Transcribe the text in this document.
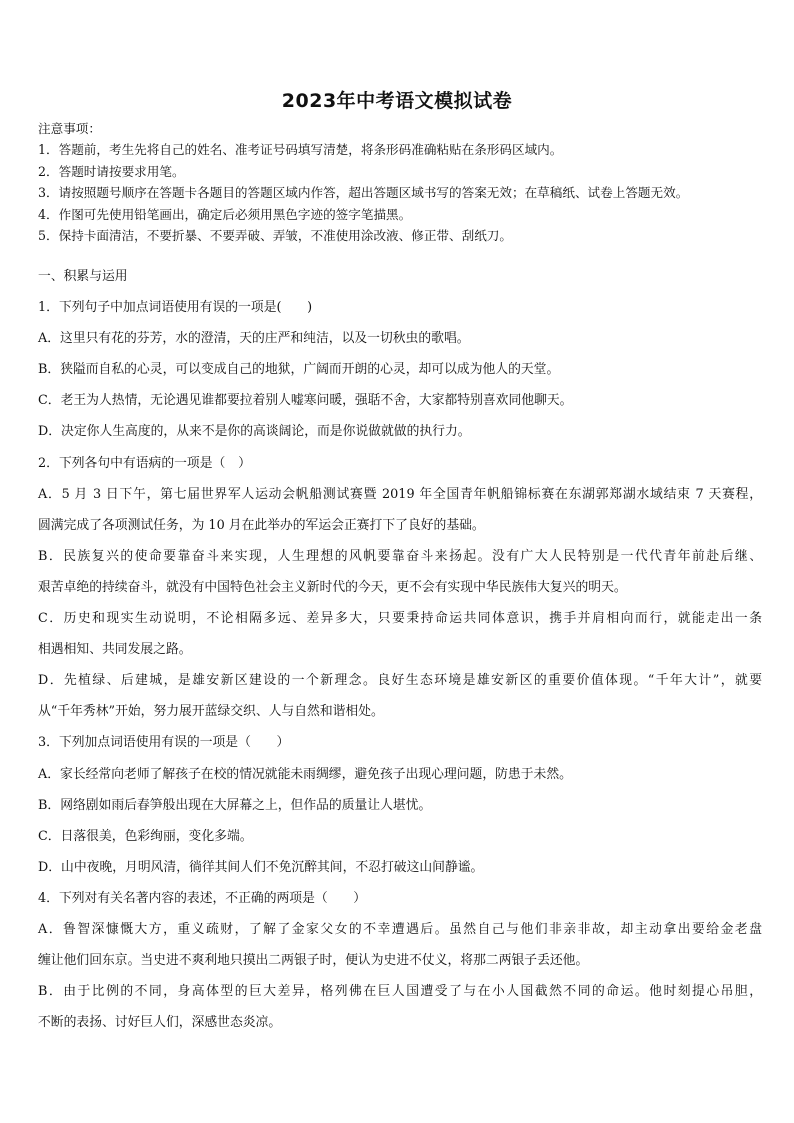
2023年中考语文模拟试卷
注意事项：
1．答题前，考生先将自己的姓名、准考证号码填写清楚，将条形码准确粘贴在条形码区域内。
2．答题时请按要求用笔。
3．请按照题号顺序在答题卡各题目的答题区域内作答，超出答题区域书写的答案无效；在草稿纸、试卷上答题无效。
4．作图可先使用铅笔画出，确定后必须用黑色字迹的签字笔描黑。
5．保持卡面清洁，不要折暴、不要弄破、弄皱，不准使用涂改液、修正带、刮纸刀。
一、积累与运用
1．下列句子中加点词语使用有误的一项是(　　)
A．这里只有花的芬芳，水的澄清，天的庄严和纯洁，以及一切秋虫的歌唱。
B．狭隘而自私的心灵，可以变成自己的地狱，广阔而开朗的心灵，却可以成为他人的天堂。
C．老王为人热情，无论遇见谁都要拉着别人嘘寒问暖，强聒不舍，大家都特别喜欢同他聊天。
D．决定你人生高度的，从来不是你的高谈阔论，而是你说做就做的执行力。
2．下列各句中有语病的一项是（　）
A．5 月 3 日下午，第七届世界军人运动会帆船测试赛暨 2019 年全国青年帆船锦标赛在东湖郭郑湖水域结束 7 天赛程，
圆满完成了各项测试任务，为 10 月在此举办的军运会正赛打下了良好的基础。
B．民族复兴的使命要靠奋斗来实现，人生理想的风帆要靠奋斗来扬起。没有广大人民特别是一代代青年前赴后继、
艰苦卓绝的持续奋斗，就没有中国特色社会主义新时代的今天，更不会有实现中华民族伟大复兴的明天。
C．历史和现实生动说明，不论相隔多远、差异多大，只要秉持命运共同体意识，携手并肩相向而行，就能走出一条
相遇相知、共同发展之路。
D．先植绿、后建城，是雄安新区建设的一个新理念。良好生态环境是雄安新区的重要价值体现。“千年大计”，就要
从“千年秀林”开始，努力展开蓝绿交织、人与自然和谐相处。
3．下列加点词语使用有误的一项是（　　）
A．家长经常向老师了解孩子在校的情况就能未雨绸缪，避免孩子出现心理问题，防患于未然。
B．网络剧如雨后春笋般出现在大屏幕之上，但作品的质量让人堪忧。
C．日落很美，色彩绚丽，变化多端。
D．山中夜晚，月明风清，徜徉其间人们不免沉醉其间，不忍打破这山间静谧。
4．下列对有关名著内容的表述，不正确的两项是（　　）
A．鲁智深慷慨大方，重义疏财，了解了金家父女的不幸遭遇后。虽然自己与他们非亲非故，却主动拿出要给金老盘
缠让他们回东京。当史进不爽利地只摸出二两银子时，便认为史进不仗义，将那二两银子丢还他。
B．由于比例的不同，身高体型的巨大差异，格列佛在巨人国遭受了与在小人国截然不同的命运。他时刻提心吊胆，
不断的表扬、讨好巨人们，深感世态炎凉。
